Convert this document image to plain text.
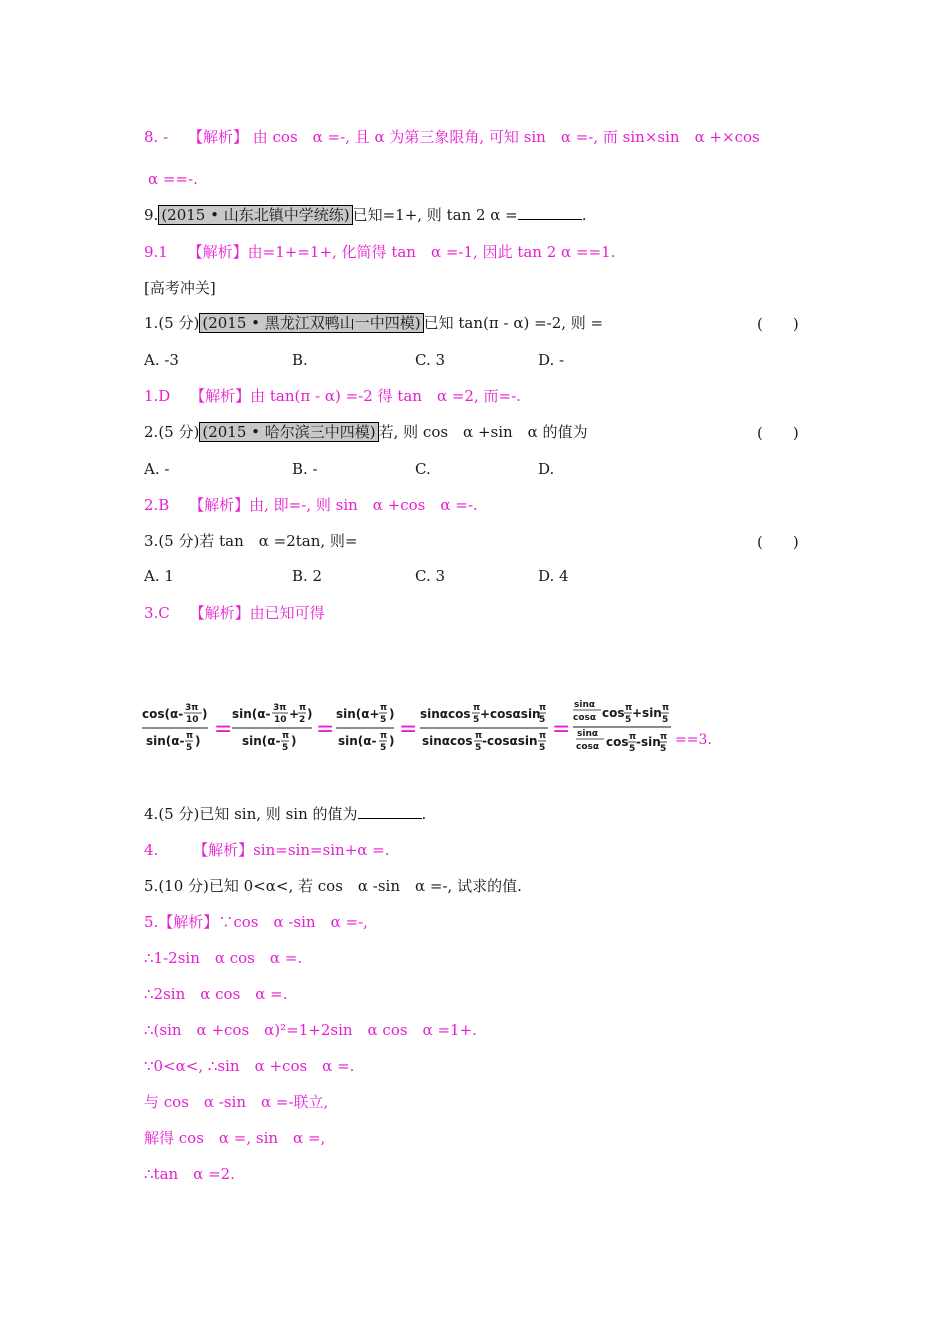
8. -　 【解析】 由 cos　α =-, 且 α 为第三象限角, 可知 sin　α =-, 而 sin×sin　α +×cos
α ==-.
9. (2015 • 山东北镇中学统练) 已知=1+, 则 tan 2 α =	.
9.1　 【解析】由=1+=1+, 化简得 tan　α =-1, 因此 tan 2 α ==1.
[高考冲关]
1.(5 分) (2015 • 黑龙江双鸭山一中四模) 已知 tan(π - α) =-2, 则 =	(　　)
A. -3	B.	C. 3	D. -
1.D　 【解析】由 tan(π - α) =-2 得 tan　α =2, 而=-.
2.(5 分) (2015 • 哈尔滨三中四模) 若, 则 cos　α +sin　α 的值为	(　　)
A. -	B. -	C.	D.
2.B　 【解析】由, 即=-, 则 sin　α +cos　α =-.
3.(5 分)若 tan　α =2tan, 则=	(　　)
A. 1	B. 2	C. 3	D. 4
3.C　 【解析】由已知可得
cos(α- 3π
10 )
sin(α- π
5 ) =
sin(α- 3π
10 + π
2 )
sin(α- π
5 ) =
sin(α+ π
5 )
sin(α- π
5 ) =
sinαcos π
5 +cosαsin
π
5
sinαcos π
5 -cosαsin π
5
=
sinα
cosα cos π
5 +sin π
5
sinα
cosα cos π
5 -sin π
5
==3.
4.(5 分)已知 sin, 则 sin 的值为	.
4.　　 【解析】sin=sin=sin+α =.
5.(10 分)已知 0<α<, 若 cos　α -sin　α =-, 试求的值.
5.【解析】∵cos　α -sin　α =-,
∴1-2sin　α cos　α =.
∴2sin　α cos　α =.
∴(sin　α +cos　α)²=1+2sin　α cos　α =1+.
∵0<α<, ∴sin　α +cos　α =.
与 cos　α -sin　α =-联立,
解得 cos　α =, sin　α =,
∴tan　α =2.
